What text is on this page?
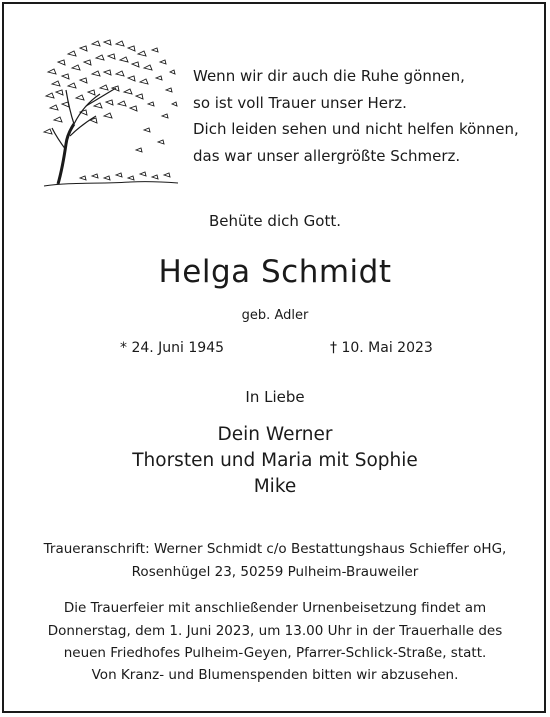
Wenn wir dir auch die Ruhe gönnen,
so ist voll Trauer unser Herz.
Dich leiden sehen und nicht helfen können,
das war unser allergrößte Schmerz.
Behüte dich Gott.
Helga Schmidt
geb. Adler
* 24. Juni 1945	† 10. Mai 2023
In Liebe
Dein Werner
Thorsten und Maria mit Sophie
Mike
Traueranschrift: Werner Schmidt c/o Bestattungshaus Schieffer oHG,
Rosenhügel 23, 50259 Pulheim-Brauweiler
Die Trauerfeier mit anschließender Urnenbeisetzung findet am
Donnerstag, dem 1. Juni 2023, um 13.00 Uhr in der Trauerhalle des
neuen Friedhofes Pulheim-Geyen, Pfarrer-Schlick-Straße, statt.
Von Kranz- und Blumenspenden bitten wir abzusehen.
